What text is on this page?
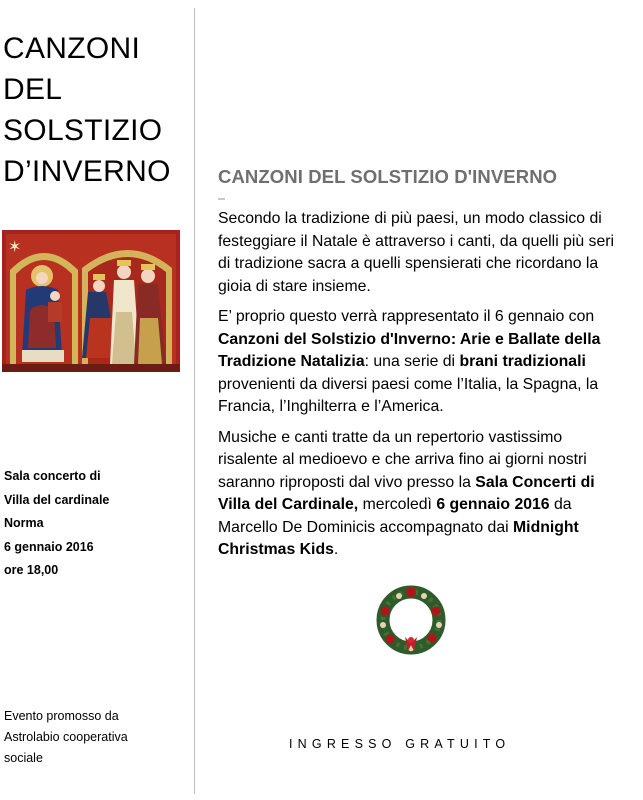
CANZONI
DEL
SOLSTIZIO
D’INVERNO
✶
Sala concerto di
Villa del cardinale
Norma
6 gennaio 2016
ore 18,00
Evento promosso da
Astrolabio cooperativa
sociale
CANZONI DEL SOLSTIZIO D'INVERNO

Secondo la tradizione di più paesi, un modo classico di festeggiare il Natale è attraverso i canti, da quelli più seri di tradizione sacra a quelli spensierati che ricordano la gioia di stare insieme.

E’ proprio questo verrà rappresentato il 6 gennaio con Canzoni del Solstizio d'Inverno: Arie e Ballate della Tradizione Natalizia: una serie di brani tradizionali provenienti da diversi paesi come l’Italia, la Spagna, la Francia, l’Inghilterra e l’America.

Musiche e canti tratte da un repertorio vastissimo risalente al medioevo e che arriva fino ai giorni nostri saranno riproposti dal vivo presso la Sala Concerti di Villa del Cardinale, mercoledì 6 gennaio 2016 da Marcello De Dominicis accompagnato dai Midnight Christmas Kids.

INGRESSO GRATUITO
